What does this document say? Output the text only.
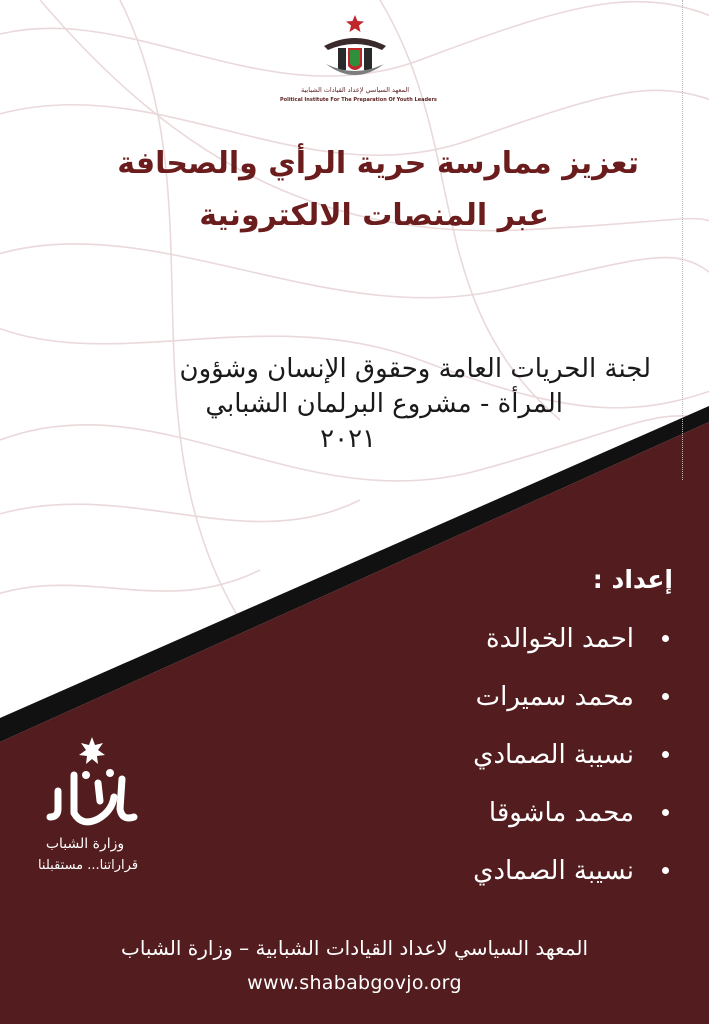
المعهد السياسي لإعداد القيادات الشبابية
Political Institute For The Preparation Of Youth Leaders
تعزيز ممارسة حرية الرأي والصحافة
عبر المنصات الالكترونية
لجنة الحريات العامة وحقوق الإنسان وشؤون
المرأة - مشروع البرلمان الشبابي
٢٠٢١
إعداد :
احمد الخوالدة
محمد سميرات
نسيبة الصمادي
محمد ماشوقا
نسيبة الصمادي
وزارة الشباب
قراراتنا... مستقبلنا
المعهد السياسي لاعداد القيادات الشبابية – وزارة الشباب
www.shababgovjo.org
